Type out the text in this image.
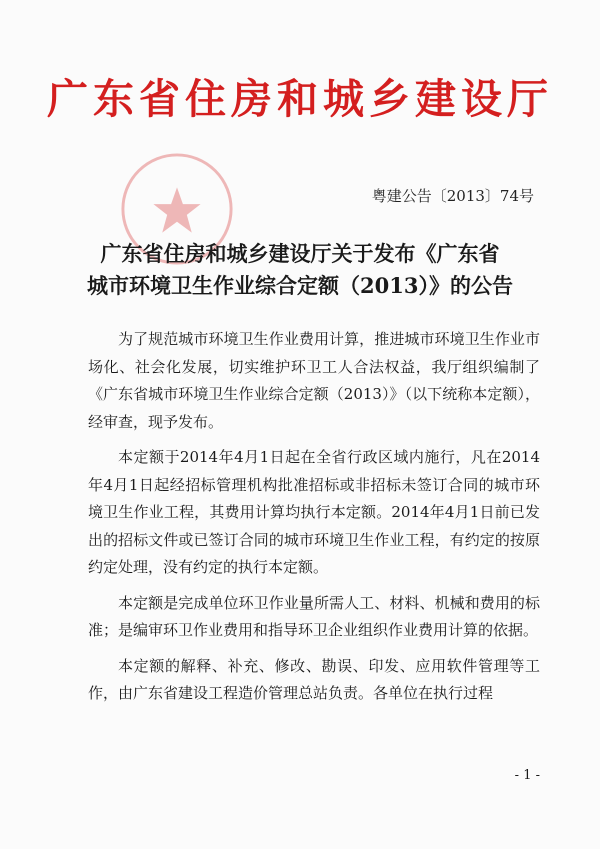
广东省住房和城乡建设厅
粤建公告〔2013〕74号
广东省住房和城乡建设厅关于发布《广东省
城市环境卫生作业综合定额（2013）》的公告

为了规范城市环境卫生作业费用计算，推进城市环境卫生作业市场化、社会化发展，切实维护环卫工人合法权益，我厅组织编制了《广东省城市环境卫生作业综合定额（2013）》（以下统称本定额），经审查，现予发布。

本定额于2014年4月1日起在全省行政区域内施行，凡在2014年4月1日起经招标管理机构批准招标或非招标未签订合同的城市环境卫生作业工程，其费用计算均执行本定额。2014年4月1日前已发出的招标文件或已签订合同的城市环境卫生作业工程，有约定的按原约定处理，没有约定的执行本定额。

本定额是完成单位环卫作业量所需人工、材料、机械和费用的标准；是编审环卫作业费用和指导环卫企业组织作业费用计算的依据。

本定额的解释、补充、修改、勘误、印发、应用软件管理等工作，由广东省建设工程造价管理总站负责。各单位在执行过程

- 1 -
